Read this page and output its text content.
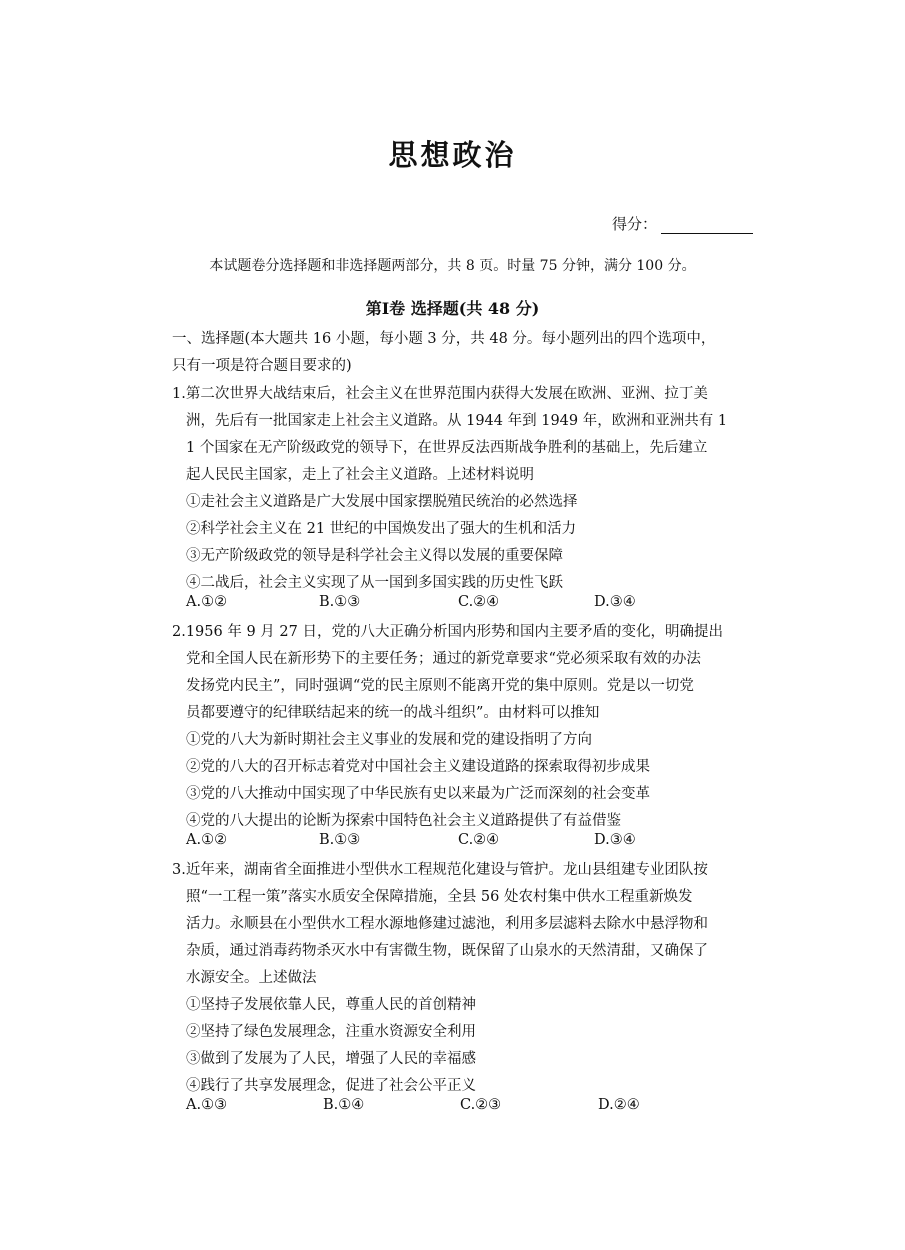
思想政治
得分：
本试题卷分选择题和非选择题两部分，共 8 页。时量 75 分钟，满分 100 分。
第Ⅰ卷 选择题(共 48 分)
一、选择题(本大题共 16 小题，每小题 3 分，共 48 分。每小题列出的四个选项中，
只有一项是符合题目要求的)
1.第二次世界大战结束后，社会主义在世界范围内获得大发展在欧洲、亚洲、拉丁美
洲，先后有一批国家走上社会主义道路。从 1944 年到 1949 年，欧洲和亚洲共有 1
1 个国家在无产阶级政党的领导下，在世界反法西斯战争胜利的基础上，先后建立
起人民民主国家，走上了社会主义道路。上述材料说明
①走社会主义道路是广大发展中国家摆脱殖民统治的必然选择
②科学社会主义在 21 世纪的中国焕发出了强大的生机和活力
③无产阶级政党的领导是科学社会主义得以发展的重要保障
④二战后，社会主义实现了从一国到多国实践的历史性飞跃
A.①②	B.①③	C.②④	D.③④
2.1956 年 9 月 27 日，党的八大正确分析国内形势和国内主要矛盾的变化，明确提出
党和全国人民在新形势下的主要任务；通过的新党章要求“党必须采取有效的办法
发扬党内民主”，同时强调“党的民主原则不能离开党的集中原则。党是以一切党
员都要遵守的纪律联结起来的统一的战斗组织”。由材料可以推知
①党的八大为新时期社会主义事业的发展和党的建设指明了方向
②党的八大的召开标志着党对中国社会主义建设道路的探索取得初步成果
③党的八大推动中国实现了中华民族有史以来最为广泛而深刻的社会变革
④党的八大提出的论断为探索中国特色社会主义道路提供了有益借鉴
A.①②	B.①③	C.②④	D.③④
3.近年来，湖南省全面推进小型供水工程规范化建设与管护。龙山县组建专业团队按
照“一工程一策”落实水质安全保障措施，全县 56 处农村集中供水工程重新焕发
活力。永顺县在小型供水工程水源地修建过滤池，利用多层滤料去除水中悬浮物和
杂质，通过消毒药物杀灭水中有害微生物，既保留了山泉水的天然清甜，又确保了
水源安全。上述做法
①坚持子发展依靠人民，尊重人民的首创精神
②坚持了绿色发展理念，注重水资源安全利用
③做到了发展为了人民，增强了人民的幸福感
④践行了共享发展理念，促进了社会公平正义
A.①③	B.①④	C.②③	D.②④
